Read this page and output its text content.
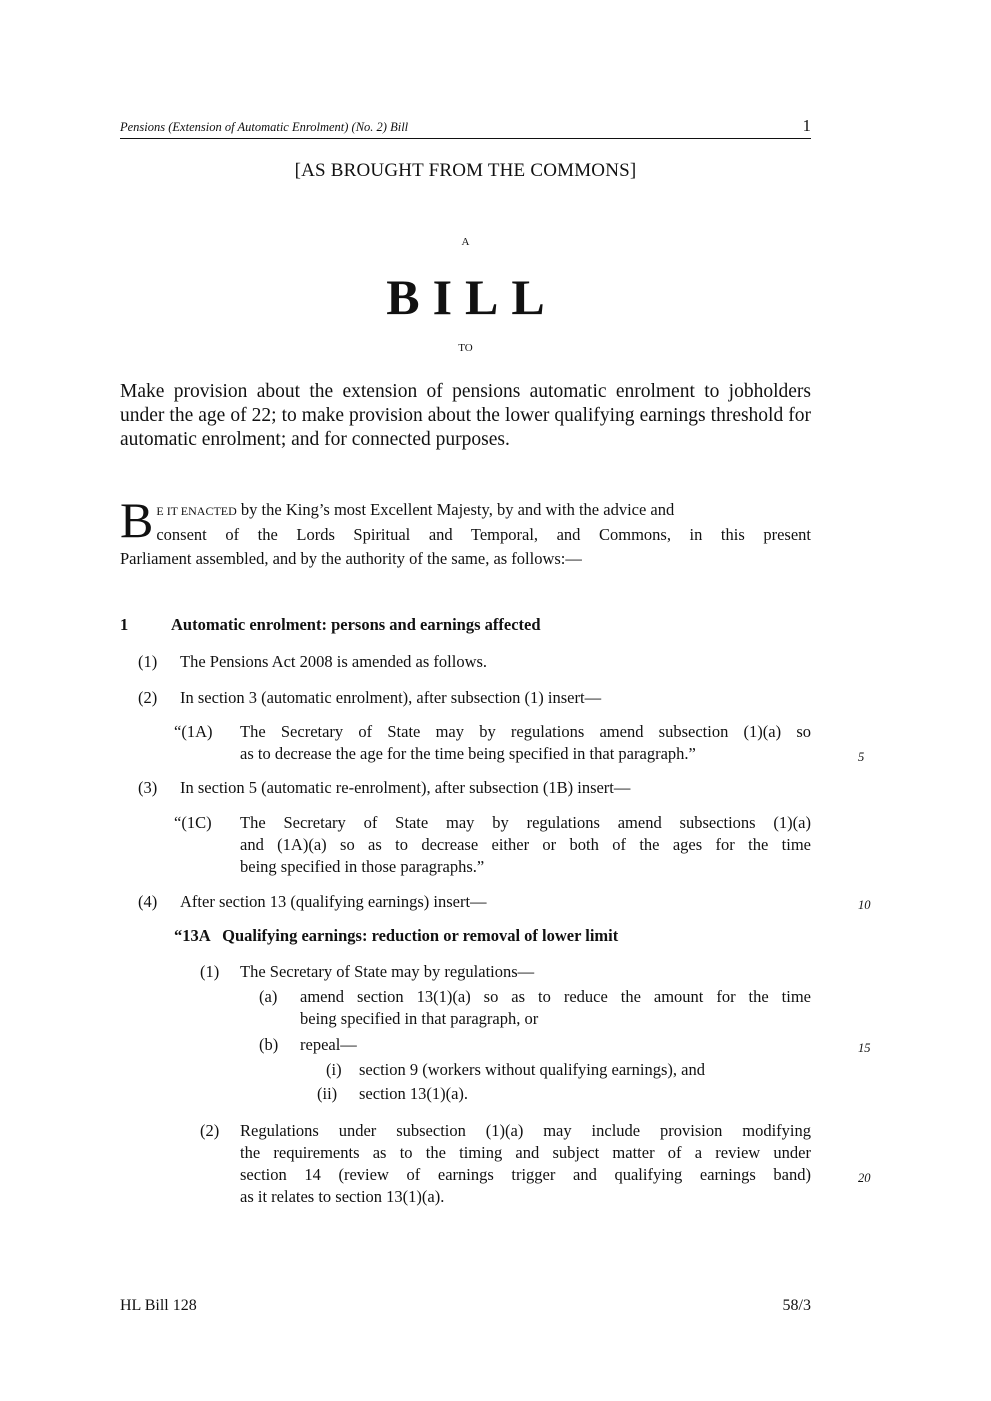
Pensions (Extension of Automatic Enrolment) (No. 2) Bill	1
[AS BROUGHT FROM THE COMMONS]
A
BILL
TO
Make provision about the extension of pensions automatic enrolment to jobholders under the age of 22; to make provision about the lower qualifying earnings threshold for automatic enrolment; and for connected purposes.
B E IT ENACTED by the King’s most Excellent Majesty, by and with the advice and
consent of the Lords Spiritual and Temporal, and Commons, in this present
Parliament assembled, and by the authority of the same, as follows:—
1	Automatic enrolment: persons and earnings affected
(1) The Pensions Act 2008 is amended as follows.
(2) In section 3 (automatic enrolment), after subsection (1) insert—
“(1A) The Secretary of State may by regulations amend subsection (1)(a) so
as to decrease the age for the time being specified in that paragraph.”	5
(3) In section 5 (automatic re-enrolment), after subsection (1B) insert—
“(1C) The Secretary of State may by regulations amend subsections (1)(a)
and (1A)(a) so as to decrease either or both of the ages for the time
being specified in those paragraphs.”
(4) After section 13 (qualifying earnings) insert—	10
“13A   Qualifying earnings: reduction or removal of lower limit
(1) The Secretary of State may by regulations—
(a) amend section 13(1)(a) so as to reduce the amount for the time
being specified in that paragraph, or
(b) repeal—	15
(i) section 9 (workers without qualifying earnings), and
(ii) section 13(1)(a).
(2) Regulations under subsection (1)(a) may include provision modifying
the requirements as to the timing and subject matter of a review under
section 14 (review of earnings trigger and qualifying earnings band)
as it relates to section 13(1)(a).
20
HL Bill 128	58/3
